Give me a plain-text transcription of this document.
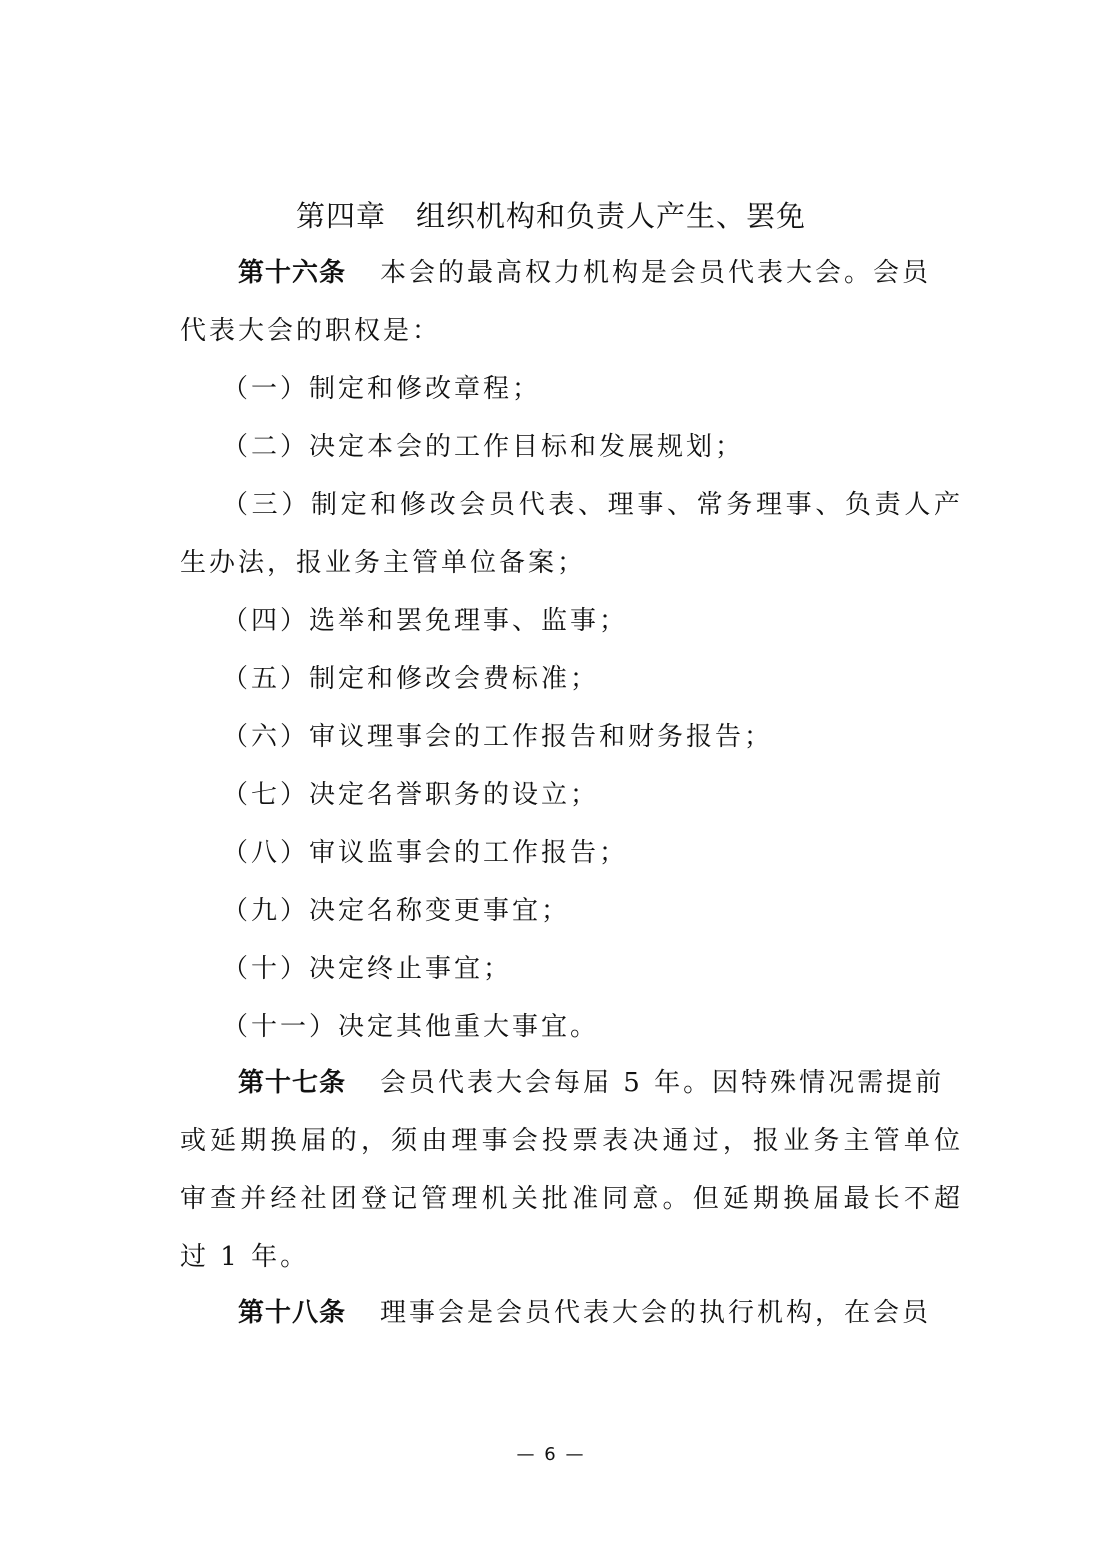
第四章　组织机构和负责人产生、罢免
第十六条 本会的最高权力机构是会员代表大会。会员
代表大会的职权是：
（一）制定和修改章程；
（二）决定本会的工作目标和发展规划；
（三）制定和修改会员代表、理事、常务理事、负责人产
生办法，报业务主管单位备案；
（四）选举和罢免理事、监事；
（五）制定和修改会费标准；
（六）审议理事会的工作报告和财务报告；
（七）决定名誉职务的设立；
（八）审议监事会的工作报告；
（九）决定名称变更事宜；
（十）决定终止事宜；
（十一）决定其他重大事宜。
第十七条 会员代表大会每届 5 年。因特殊情况需提前
或延期换届的，须由理事会投票表决通过，报业务主管单位
审查并经社团登记管理机关批准同意。但延期换届最长不超
过 1 年。
第十八条 理事会是会员代表大会的执行机构，在会员
— 6 —
